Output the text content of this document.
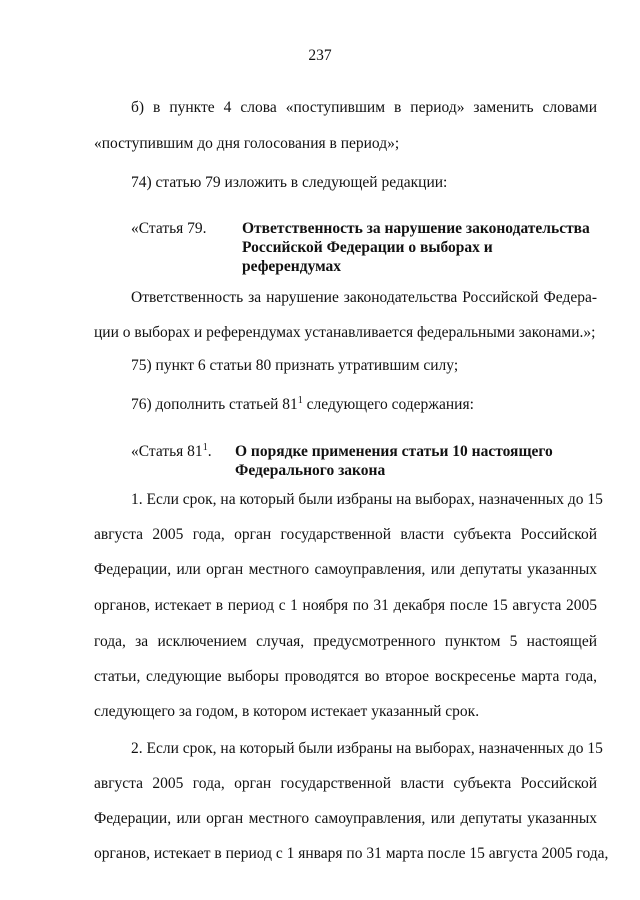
237
б) в пункте 4 слова «поступившим в период» заменить словами
«поступившим до дня голосования в период»;
74) статью 79 изложить в следующей редакции:
«Статья 79. Ответственность за нарушение законодательства
Российской Федерации о выборах и
референдумах
Ответственность за нарушение законодательства Российской Федера-
ции о выборах и референдумах устанавливается федеральными законами.»;
75) пункт 6 статьи 80 признать утратившим силу;
76) дополнить статьей $81^1$ следующего содержания:
«Статья $81^1$. О порядке применения статьи 10 настоящего
Федерального закона
1. Если срок, на который были избраны на выборах, назначенных до 15
августа 2005 года, орган государственной власти субъекта Российской
Федерации, или орган местного самоуправления, или депутаты указанных
органов, истекает в период с 1 ноября по 31 декабря после 15 августа 2005
года, за исключением случая, предусмотренного пунктом 5 настоящей
статьи, следующие выборы проводятся во второе воскресенье марта года,
следующего за годом, в котором истекает указанный срок.
2. Если срок, на который были избраны на выборах, назначенных до 15
августа 2005 года, орган государственной власти субъекта Российской
Федерации, или орган местного самоуправления, или депутаты указанных
органов, истекает в период с 1 января по 31 марта после 15 августа 2005 года,
